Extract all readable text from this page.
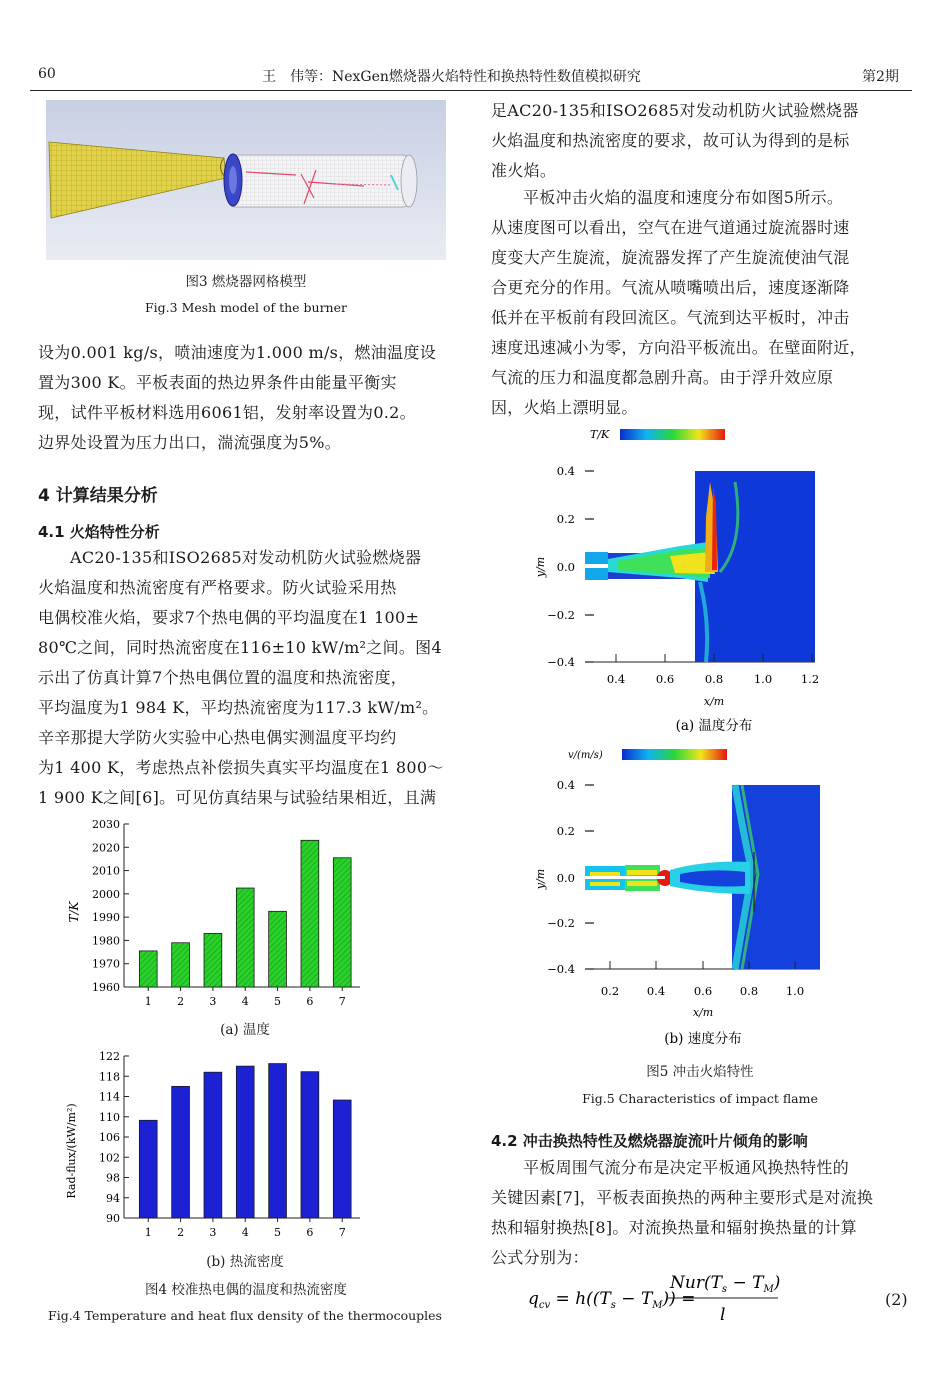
60	王　伟等：NexGen燃烧器火焰特性和换热特性数值模拟研究	第2期
图3 燃烧器网格模型
Fig.3 Mesh model of the burner
设为0.001 kg/s，喷油速度为1.000 m/s，燃油温度设
置为300 K。平板表面的热边界条件由能量平衡实
现，试件平板材料选用6061铝，发射率设置为0.2。
边界处设置为压力出口，湍流强度为5%。
4 计算结果分析
4.1 火焰特性分析
AC20-135和ISO2685对发动机防火试验燃烧器
火焰温度和热流密度有严格要求。防火试验采用热
电偶校准火焰，要求7个热电偶的平均温度在1 100±
80℃之间，同时热流密度在116±10 kW/m²之间。图4
示出了仿真计算7个热电偶位置的温度和热流密度，
平均温度为1 984 K，平均热流密度为117.3 kW/m²。
辛辛那提大学防火实验中心热电偶实测温度平均约
为1 400 K，考虑热点补偿损失真实平均温度在1 800～
1 900 K之间[6]。可见仿真结果与试验结果相近，且满
T/K
1960
1970
1980
1990
2000
2010
2020
2030
1 2 3 4 5 6 7
(a) 温度
Rad-flux/(kW/m²)
90
94
98
102
106
110
114
118
122
1 2 3 4 5 6 7
(b) 热流密度
图4 校准热电偶的温度和热流密度
Fig.4 Temperature and heat flux density of the thermocouples
足AC20-135和ISO2685对发动机防火试验燃烧器
火焰温度和热流密度的要求，故可认为得到的是标
准火焰。
平板冲击火焰的温度和速度分布如图5所示。
从速度图可以看出，空气在进气道通过旋流器时速
度变大产生旋流，旋流器发挥了产生旋流使油气混
合更充分的作用。气流从喷嘴喷出后，速度逐渐降
低并在平板前有段回流区。气流到达平板时，冲击
速度迅速减小为零，方向沿平板流出。在壁面附近，
气流的压力和温度都急剧升高。由于浮升效应原
因，火焰上漂明显。
T/K
0.4
0.2
0.0
−0.2
−0.4
y/m
0.4	0.6	0.8	1.0 1.2
x/m
(a) 温度分布
v/(m/s)
0.4
0.2
0.0
−0.2
−0.4
y/m
0.2 0.4 0.6 0.8 1.0
x/m
(b) 速度分布
图5 冲击火焰特性
Fig.5 Characteristics of impact flame
4.2 冲击换热特性及燃烧器旋流叶片倾角的影响
平板周围气流分布是决定平板通风换热特性的
关键因素[7]，平板表面换热的两种主要形式是对流换
热和辐射换热[8]。对流换热量和辐射换热量的计算
公式分别为：
$q_{cv} = h((T_s - T_M))$ =
$Nur(T_s - T_M)$
l
(2)
